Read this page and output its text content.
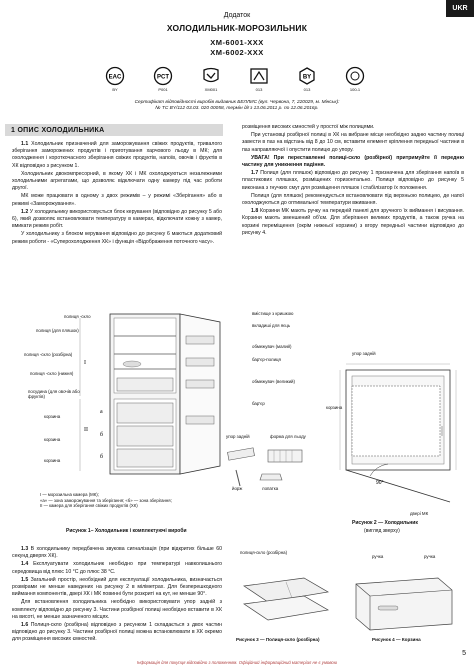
UKR
Додаток
ХОЛОДИЛЬНИК-МОРОЗИЛЬНИК
ХМ-6001-ХХХ
ХМ-6002-ХХХ
EAC
BY
PCT
Р001	XM001	013
BY
013	100-1
Сертифікат відповідності виробів видавник БЕЛЛИС (вул. Червона, 7, 220029, м. Мінськ):
№ ТС BY/112 03.03. 020 00058, термін дії з 13.06.2011 р. по 12.06.2016р.
1 ОПИС ХОЛОДИЛЬНИКА

1.1 Холодильник призначений для заморожування свіжих продуктів, тривалого зберігання заморожених продуктів і приготування харчового льоду в МК; для охолодження і короткочасного зберігання свіжих продуктів, напоїв, овочів і фруктів в ХК відповідно з рисунком 1.

Холодильник двокомпресорний, в якому ХК і МК охолоджуються незалежними холодильними агрегатами, що дозволяє відключати одну камеру під час роботи другої.

МК може працювати в одному з двох режимів – у режимі «Зберігання» або в режимі «Заморожування».

1.2 У холодильнику використовується блок керування (відповідно до рисунку 5 або 6), який дозволяє встановлювати температуру в камерах, відключати кожну з камер, вмикати режим робіт.

У холодильнику з блоком керування відповідно до рисунку 6 маються додатковий режим роботи - «Суперохолодження ХК» і функція «Відображення поточного часу».

розміщення високих ємностей у простої між полицями.

При установці розбірної полиці в ХК на вибране місце необхідно задню частину полиці завести в паз на відстань від 8 до 10 см, вставити елемент кріплення передньої частини в паз направляючої і опустити полицю до упору.

УВАГА! При переставленні полиці-скло (розбірної) притримуйте її передню частину для уникнення падіння.

1.7 Полиця (для пляшок) відповідно до рисунку 1 призначена для зберігання напоїв в пластикових пляшках, розміщених горизонтально. Полиця відповідно до рисунку 5 виконана з гнучких смуг для розміщення пляшок і стабілізатор їх положення.

Полиця (для пляшок) рекомендується встановлювати під верхньою полицею, де напої охолоджуються до оптимальної температури вживання.

1.8 Корзини МК мають ручку на передній панелі для зручного їх виймання і висування. Корзини мають зменшений об'єм. Для зберігання великих продуктів, а також ручка на корзині переміщення (окрім нижньої корзини) з вгору передньої частини відповідно до рисунку 4.

І
а
б
б
II
полиця -скло
полиця (для пляшок)
полиця -скло (розбірна)
полиця -скло (нижня)
посудина (для овочів або фруктів)
корзина
корзина
корзина
вмістище з кришкою
вкладиші для яєць
обмежувач (малий)
бар'єр-полиця
обмежувач (великий)
бар'єр
упор задній	форма для льоду
йорж	лопатка
І — морозильна камера (МК);
«а» — зона заморожування та зберігання; «б» — зона зберігання;
II — камера для зберігання свіжих продуктів (ХК)
Рисунок 1– Холодильник і комплектуючі вироби
90°
упор задній
корзина
двері МК
Рисунок 2 — Холодильник
(вигляд зверху)

1.3 В холодильнику передбачена звукова сигналізація (при відкритих більше 60 секунд дверях ХК).

1.4 Експлуатувати холодильник необхідно при температурі навколишнього середовища від плюс 10 °С до плюс 38 °С.

1.5 Загальний простір, необхідний для експлуатації холодильника, визначається розмірами не менше наведених на рисунку 2 в міліметрах. Для безперешкодного виймання компонентів, двері ХК і МК повинні бути розкриті на кут, не менше 90°.

Для встановлення холодильника необхідно використовувати упор задній з комплекту відповідно до рисунку 3. Частини розбірної полиці необхідно вставити в ХК на висоті, не менше зазначеного місцях.

1.6 Полиця-скло (розбірна) відповідно з рисунком 1 складається з двох частин відповідно до рисунку 3. Частини розбірної полиці можна встановлювати в ХК окремо для розміщення високих ємностей.

полиця-скло (розбірна)
ручка	ручка
Рисунок 3 — Полиця-скло (розбірна)	Рисунок 4 — Корзина
Інформація для покупця відповідно з положенням. Офіційний інформаційний матеріал не є умовою
5
